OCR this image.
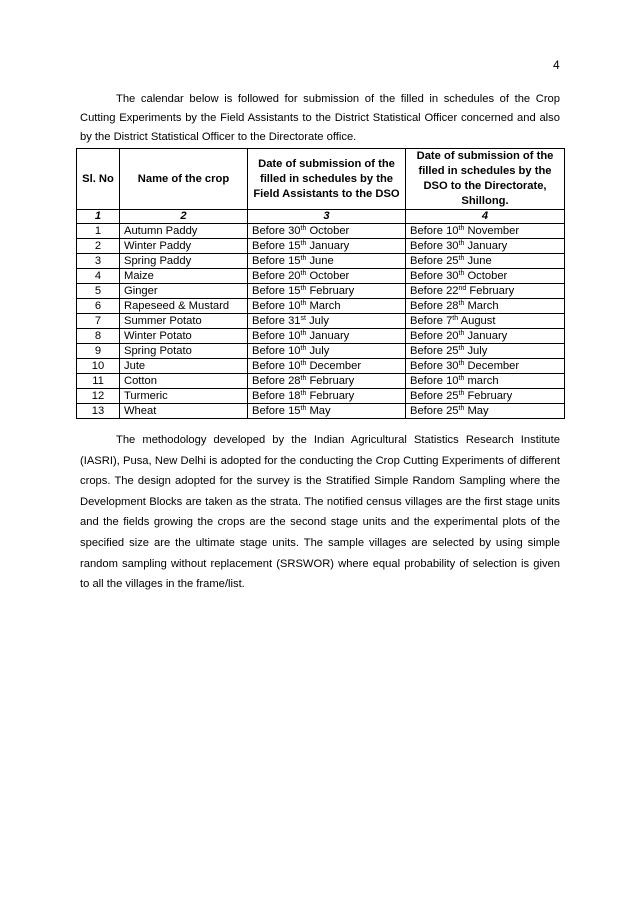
4

The calendar below is followed for submission of the filled in schedules of the Crop Cutting Experiments by the Field Assistants to the District Statistical Officer concerned and also by the District Statistical Officer to the Directorate office.

Sl. No	Name of the crop	Date of submission of the filled in schedules by the Field Assistants to the DSO	Date of submission of the filled in schedules by the DSO to the Directorate, Shillong.
1	2	3	4
1	Autumn Paddy	Before 30th October	Before 10th November
2	Winter Paddy	Before 15th January	Before 30th January
3	Spring Paddy	Before 15th June	Before 25th June
4	Maize	Before 20th October	Before 30th October
5	Ginger	Before 15th February	Before 22nd February
6	Rapeseed & Mustard	Before 10th March	Before 28th March
7	Summer Potato	Before 31st July	Before 7th August
8	Winter Potato	Before 10th January	Before 20th January
9	Spring Potato	Before 10th July	Before 25th July
10	Jute	Before 10th December	Before 30th December
11	Cotton	Before 28th February	Before 10th march
12	Turmeric	Before 18th February	Before 25th February
13	Wheat	Before 15th May	Before 25th May

The methodology developed by the Indian Agricultural Statistics Research Institute (IASRI), Pusa, New Delhi is adopted for the conducting the Crop Cutting Experiments of different crops. The design adopted for the survey is the Stratified Simple Random Sampling where the Development Blocks are taken as the strata. The notified census villages are the first stage units and the fields growing the crops are the second stage units and the experimental plots of the specified size are the ultimate stage units. The sample villages are selected by using simple random sampling without replacement (SRSWOR) where equal probability of selection is given to all the villages in the frame/list.
